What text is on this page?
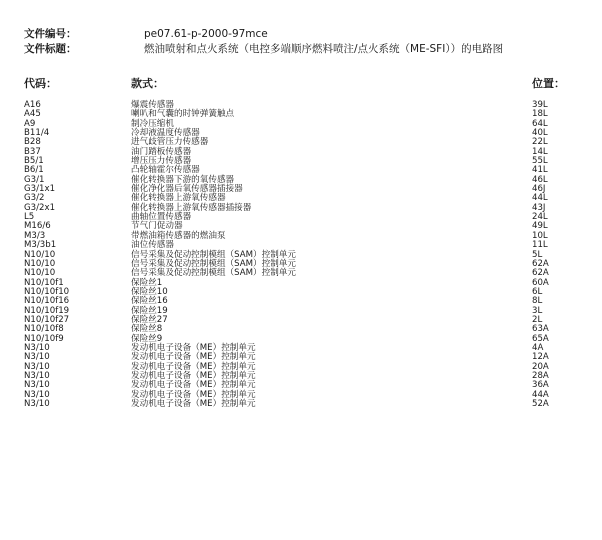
文件编号：	pe07.61-p-2000-97mce
文件标题：	燃油喷射和点火系统（电控多端顺序燃料喷注/点火系统（ME-SFI））的电路图
代码：	款式：	位置：
A16	爆震传感器	39L
A45	喇叭和气囊的时钟弹簧触点	18L
A9	制冷压缩机	64L
B11/4	冷却液温度传感器	40L
B28	进气歧管压力传感器	22L
B37	油门踏板传感器	14L
B5/1	增压压力传感器	55L
B6/1	凸轮轴霍尔传感器	41L
G3/1	催化转换器下游的氧传感器	46L
G3/1x1	催化净化器后氧传感器插接器	46J
G3/2	催化转换器上游氧传感器	44L
G3/2x1	催化转换器上游氧传感器插接器	43J
L5	曲轴位置传感器	24L
M16/6	节气门促动器	49L
M3/3	带燃油箱传感器的燃油泵	10L
M3/3b1	油位传感器	11L
N10/10	信号采集及促动控制模组（SAM）控制单元	5L
N10/10	信号采集及促动控制模组（SAM）控制单元	62A
N10/10	信号采集及促动控制模组（SAM）控制单元	62A
N10/10f1	保险丝1	60A
N10/10f10	保险丝10	6L
N10/10f16	保险丝16	8L
N10/10f19	保险丝19	3L
N10/10f27	保险丝27	2L
N10/10f8	保险丝8	63A
N10/10f9	保险丝9	65A
N3/10	发动机电子设备（ME）控制单元	4A
N3/10	发动机电子设备（ME）控制单元	12A
N3/10	发动机电子设备（ME）控制单元	20A
N3/10	发动机电子设备（ME）控制单元	28A
N3/10	发动机电子设备（ME）控制单元	36A
N3/10	发动机电子设备（ME）控制单元	44A
N3/10	发动机电子设备（ME）控制单元	52A
